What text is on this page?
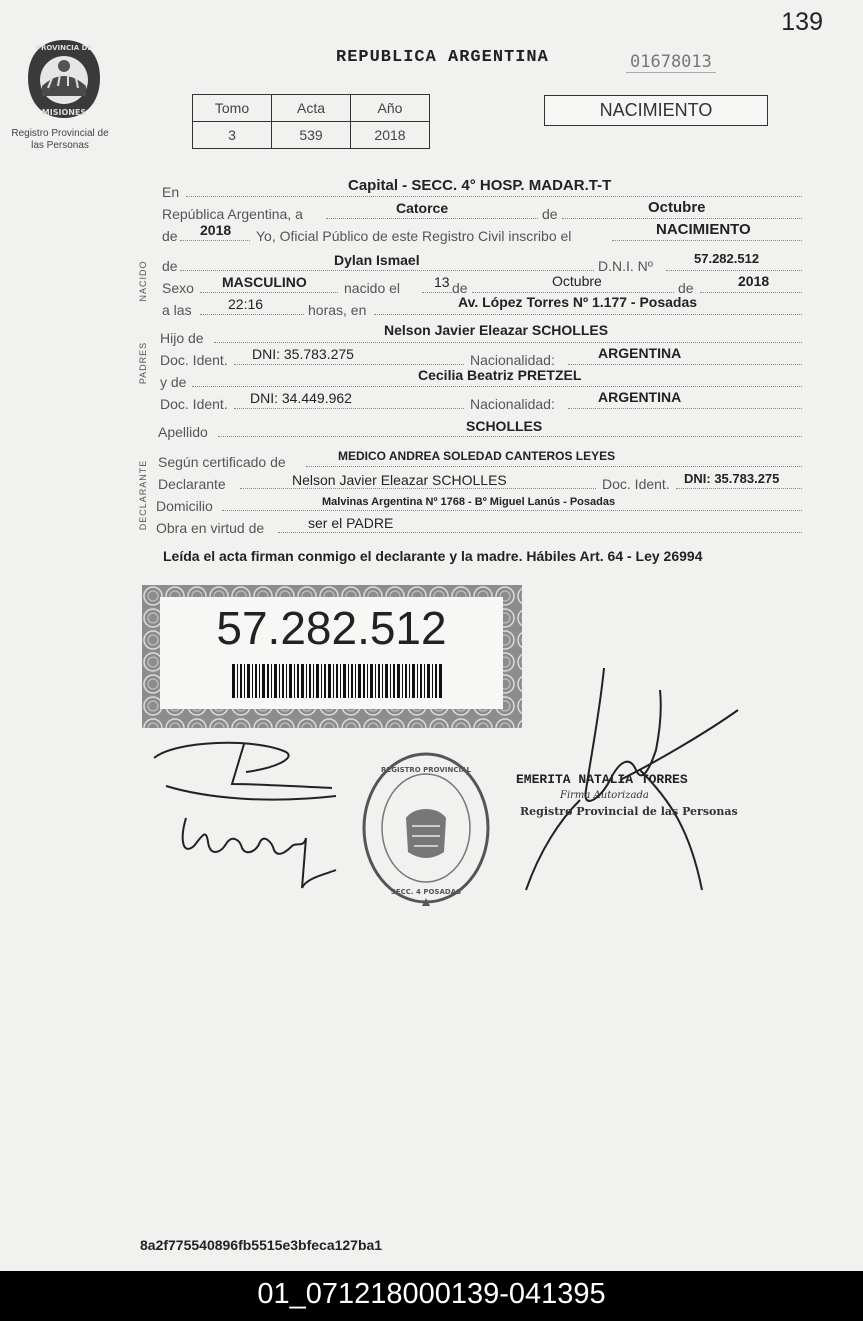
139
PROVINCIA DE
MISIONES
Registro Provincial de las Personas
REPUBLICA ARGENTINA	01678013
Tomo	Acta	Año
3	539	2018
NACIMIENTO
NACIDO
PADRES
DECLARANTE
En	Capital - SECC. 4° HOSP. MADAR.T-T
República Argentina, a	Catorce	de	Octubre
de 2018 Yo, Oficial Público de este Registro Civil inscribo el	NACIMIENTO
de	Dylan Ismael	D.N.I. Nº	57.282.512
Sexo MASCULINO	nacido el 13 de	Octubre	de	2018
a las	22:16	horas, en	Av. López Torres Nº 1.177 - Posadas
Hijo de	Nelson Javier Eleazar SCHOLLES
Doc. Ident. DNI: 35.783.275	Nacionalidad:	ARGENTINA
y de	Cecilia Beatriz PRETZEL
Doc. Ident. DNI: 34.449.962	Nacionalidad:	ARGENTINA
Apellido	SCHOLLES
Según certificado de	MEDICO ANDREA SOLEDAD CANTEROS LEYES
Declarante	Nelson Javier Eleazar SCHOLLES	Doc. Ident. DNI: 35.783.275
Domicilio	Malvinas Argentina Nº 1768 - Bº Miguel Lanús - Posadas
Obra en virtud de	ser el PADRE
Leída el acta firman conmigo el declarante y la madre. Hábiles Art. 64 - Ley 26994
57.282.512
REGISTRO PROVINCIAL
SECC. 4 POSADAS
EMERITA NATALIA TORRES
Firma Autorizada
Registro Provincial de las Personas
8a2f775540896fb5515e3bfeca127ba1
01_071218000139-041395
